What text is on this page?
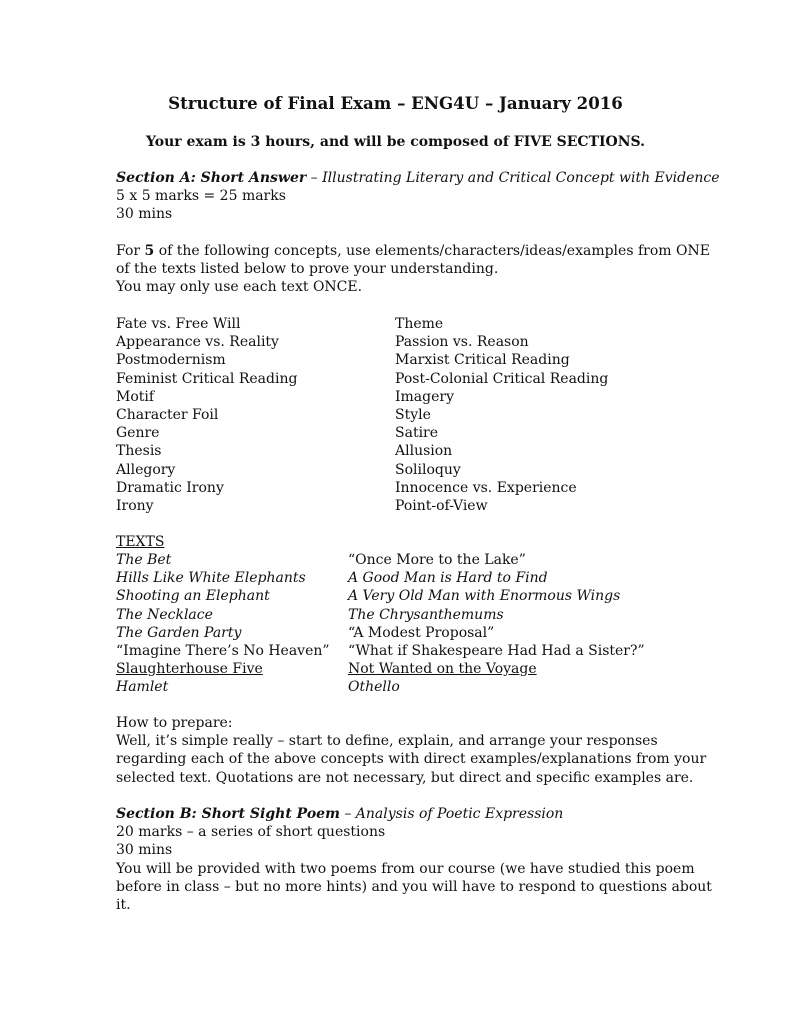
Structure of Final Exam – ENG4U – January 2016
Your exam is 3 hours, and will be composed of FIVE SECTIONS.
Section A: Short Answer – Illustrating Literary and Critical Concept with Evidence
5 x 5 marks = 25 marks
30 mins
For 5 of the following concepts, use elements/characters/ideas/examples from ONE
of the texts listed below to prove your understanding.
You may only use each text ONCE.
Fate vs. Free Will
Appearance vs. Reality
Postmodernism
Feminist Critical Reading
Motif
Character Foil
Genre
Thesis
Allegory
Dramatic Irony
Irony
Theme
Passion vs. Reason
Marxist Critical Reading
Post-Colonial Critical Reading
Imagery
Style
Satire
Allusion
Soliloquy
Innocence vs. Experience
Point-of-View
TEXTS
The Bet
Hills Like White Elephants
Shooting an Elephant
The Necklace
The Garden Party
“Imagine There’s No Heaven”
Slaughterhouse Five
Hamlet
“Once More to the Lake”
A Good Man is Hard to Find
A Very Old Man with Enormous Wings
The Chrysanthemums
“A Modest Proposal”
“What if Shakespeare Had Had a Sister?”
Not Wanted on the Voyage
Othello
How to prepare:
Well, it’s simple really – start to define, explain, and arrange your responses
regarding each of the above concepts with direct examples/explanations from your
selected text. Quotations are not necessary, but direct and specific examples are.
Section B: Short Sight Poem – Analysis of Poetic Expression
20 marks – a series of short questions
30 mins
You will be provided with two poems from our course (we have studied this poem
before in class – but no more hints) and you will have to respond to questions about
it.
